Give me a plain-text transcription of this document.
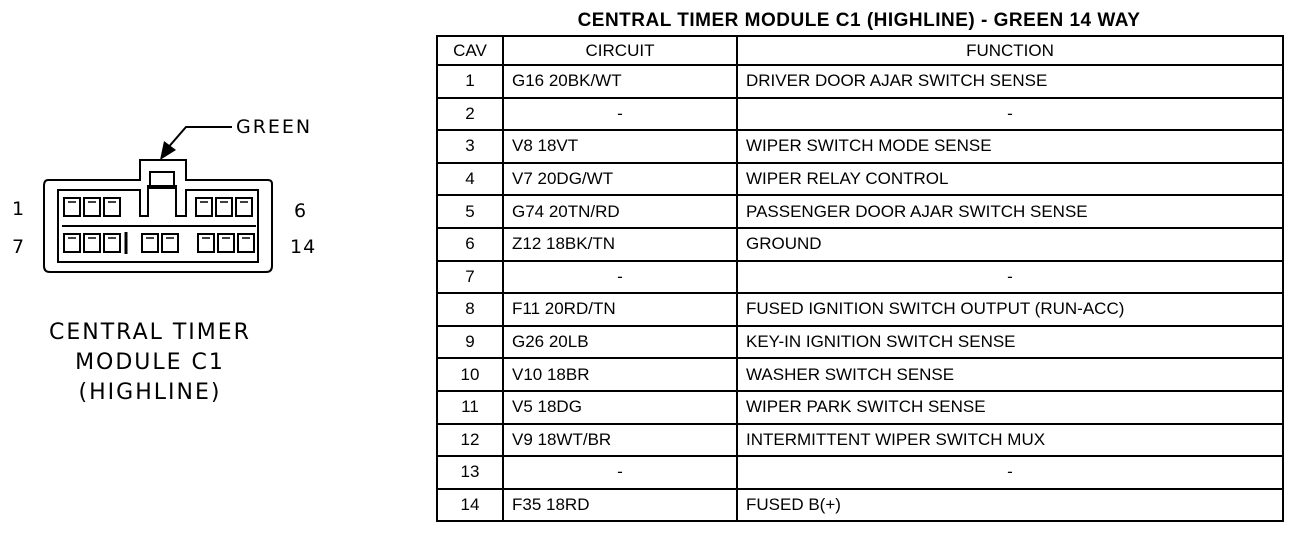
GREEN
1	6
7	14
CENTRAL TIMER
MODULE C1
(HIGHLINE)
CENTRAL TIMER MODULE C1 (HIGHLINE) - GREEN 14 WAY
CAV	CIRCUIT	FUNCTION
1	G16 20BK/WT	DRIVER DOOR AJAR SWITCH SENSE
2	-	-
3	V8 18VT	WIPER SWITCH MODE SENSE
4	V7 20DG/WT	WIPER RELAY CONTROL
5	G74 20TN/RD	PASSENGER DOOR AJAR SWITCH SENSE
6	Z12 18BK/TN	GROUND
7	-	-
8	F11 20RD/TN	FUSED IGNITION SWITCH OUTPUT (RUN-ACC)
9	G26 20LB	KEY-IN IGNITION SWITCH SENSE
10	V10 18BR	WASHER SWITCH SENSE
11	V5 18DG	WIPER PARK SWITCH SENSE
12	V9 18WT/BR	INTERMITTENT WIPER SWITCH MUX
13	-	-
14	F35 18RD	FUSED B(+)
